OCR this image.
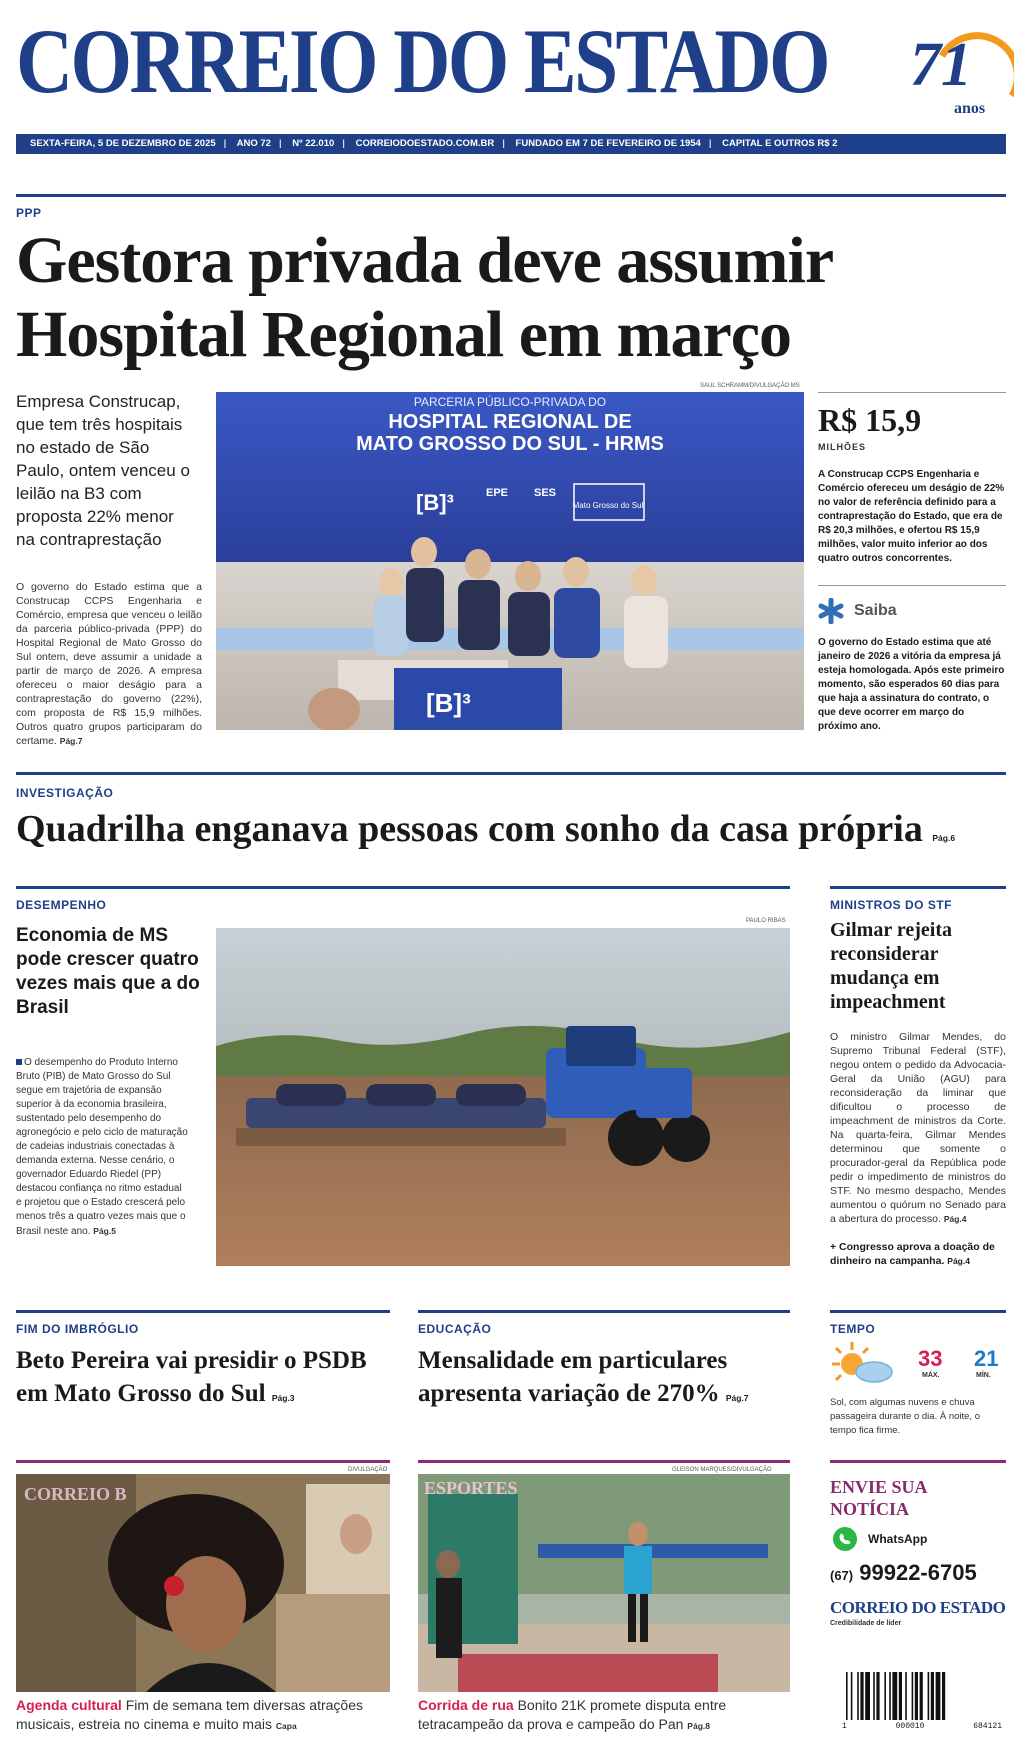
CORREIO DO ESTADO 71
anos
SEXTA-FEIRA, 5 DE DEZEMBRO DE 2025 | ANO 72 | Nº 22.010 | CORREIODOESTADO.COM.BR | FUNDADO EM 7 DE FEVEREIRO DE 1954 | CAPITAL E OUTROS R$ 2
PPP
Gestora privada deve assumir
Hospital Regional em março
Empresa Construcap, que tem três hospitais no estado de São Paulo, ontem venceu o leilão na B3 com proposta 22% menor na contraprestação
O governo do Estado estima que a Construcap CCPS Engenharia e Comércio, empresa que venceu o leilão da parceria público-privada (PPP) do Hospital Regional de Mato Grosso do Sul ontem, deve assumir a unidade a partir de março de 2026. A empresa ofereceu o maior deságio para a contraprestação do governo (22%), com proposta de R$ 15,9 milhões. Outros quatro grupos participaram do certame. Pág.7
SAUL SCHRAMM/DIVULGAÇÃO MS
[B]³
PARCERIA PÚBLICO-PRIVADA DO
HOSPITAL REGIONAL DE
MATO GROSSO DO SUL - HRMS
[B]³	EPE SES
Mato Grosso do Sul
R$ 15,9
MILHÕES
A Construcap CCPS Engenharia e Comércio ofereceu um deságio de 22% no valor de referência definido para a contraprestação do Estado, que era de R$ 20,3 milhões, e ofertou R$ 15,9 milhões, valor muito inferior ao dos quatro outros concorrentes.
Saiba
O governo do Estado estima que até janeiro de 2026 a vitória da empresa já esteja homologada. Após este primeiro momento, são esperados 60 dias para que haja a assinatura do contrato, o que deve ocorrer em março do próximo ano.
INVESTIGAÇÃO
Quadrilha enganava pessoas com sonho da casa própria Pág.6
DESEMPENHO
Economia de MS pode crescer quatro vezes mais que a do Brasil
O desempenho do Produto Interno Bruto (PIB) de Mato Grosso do Sul segue em trajetória de expansão superior à da economia brasileira, sustentado pelo desempenho do agronegócio e pelo ciclo de maturação de cadeias industriais conectadas à demanda externa. Nesse cenário, o governador Eduardo Riedel (PP) destacou confiança no ritmo estadual e projetou que o Estado crescerá pelo menos três a quatro vezes mais que o Brasil neste ano. Pág.5
PAULO RIBAS
MINISTROS DO STF
Gilmar rejeita reconsiderar mudança em impeachment
O ministro Gilmar Mendes, do Supremo Tribunal Federal (STF), negou ontem o pedido da Advocacia-Geral da União (AGU) para reconsideração da liminar que dificultou o processo de impeachment de ministros da Corte. Na quarta-feira, Gilmar Mendes determinou que somente o procurador-geral da República pode pedir o impedimento de ministros do STF. No mesmo despacho, Mendes aumentou o quórum no Senado para a abertura do processo. Pág.4
+ Congresso aprova a doação de dinheiro na campanha. Pág.4
FIM DO IMBRÓGLIO
Beto Pereira vai presidir o PSDB em Mato Grosso do Sul Pág.3
EDUCAÇÃO
Mensalidade em particulares apresenta variação de 270% Pág.7
TEMPO
33
MÁX.
21
MÍN.
Sol, com algumas nuvens e chuva passageira durante o dia. À noite, o tempo fica firme.
DIVULGAÇÃO
CORREIO B
Agenda cultural Fim de semana tem diversas atrações musicais, estreia no cinema e muito mais Capa
GLEISON MARQUES/DIVULGAÇÃO
ESPORTES
Corrida de rua Bonito 21K promete disputa entre tetracampeão da prova e campeão do Pan Pág.8
ENVIE SUA
NOTÍCIA
WhatsApp
(67) 99922-6705
CORREIO DO ESTADO
Credibilidade de líder
1	000010	684121
